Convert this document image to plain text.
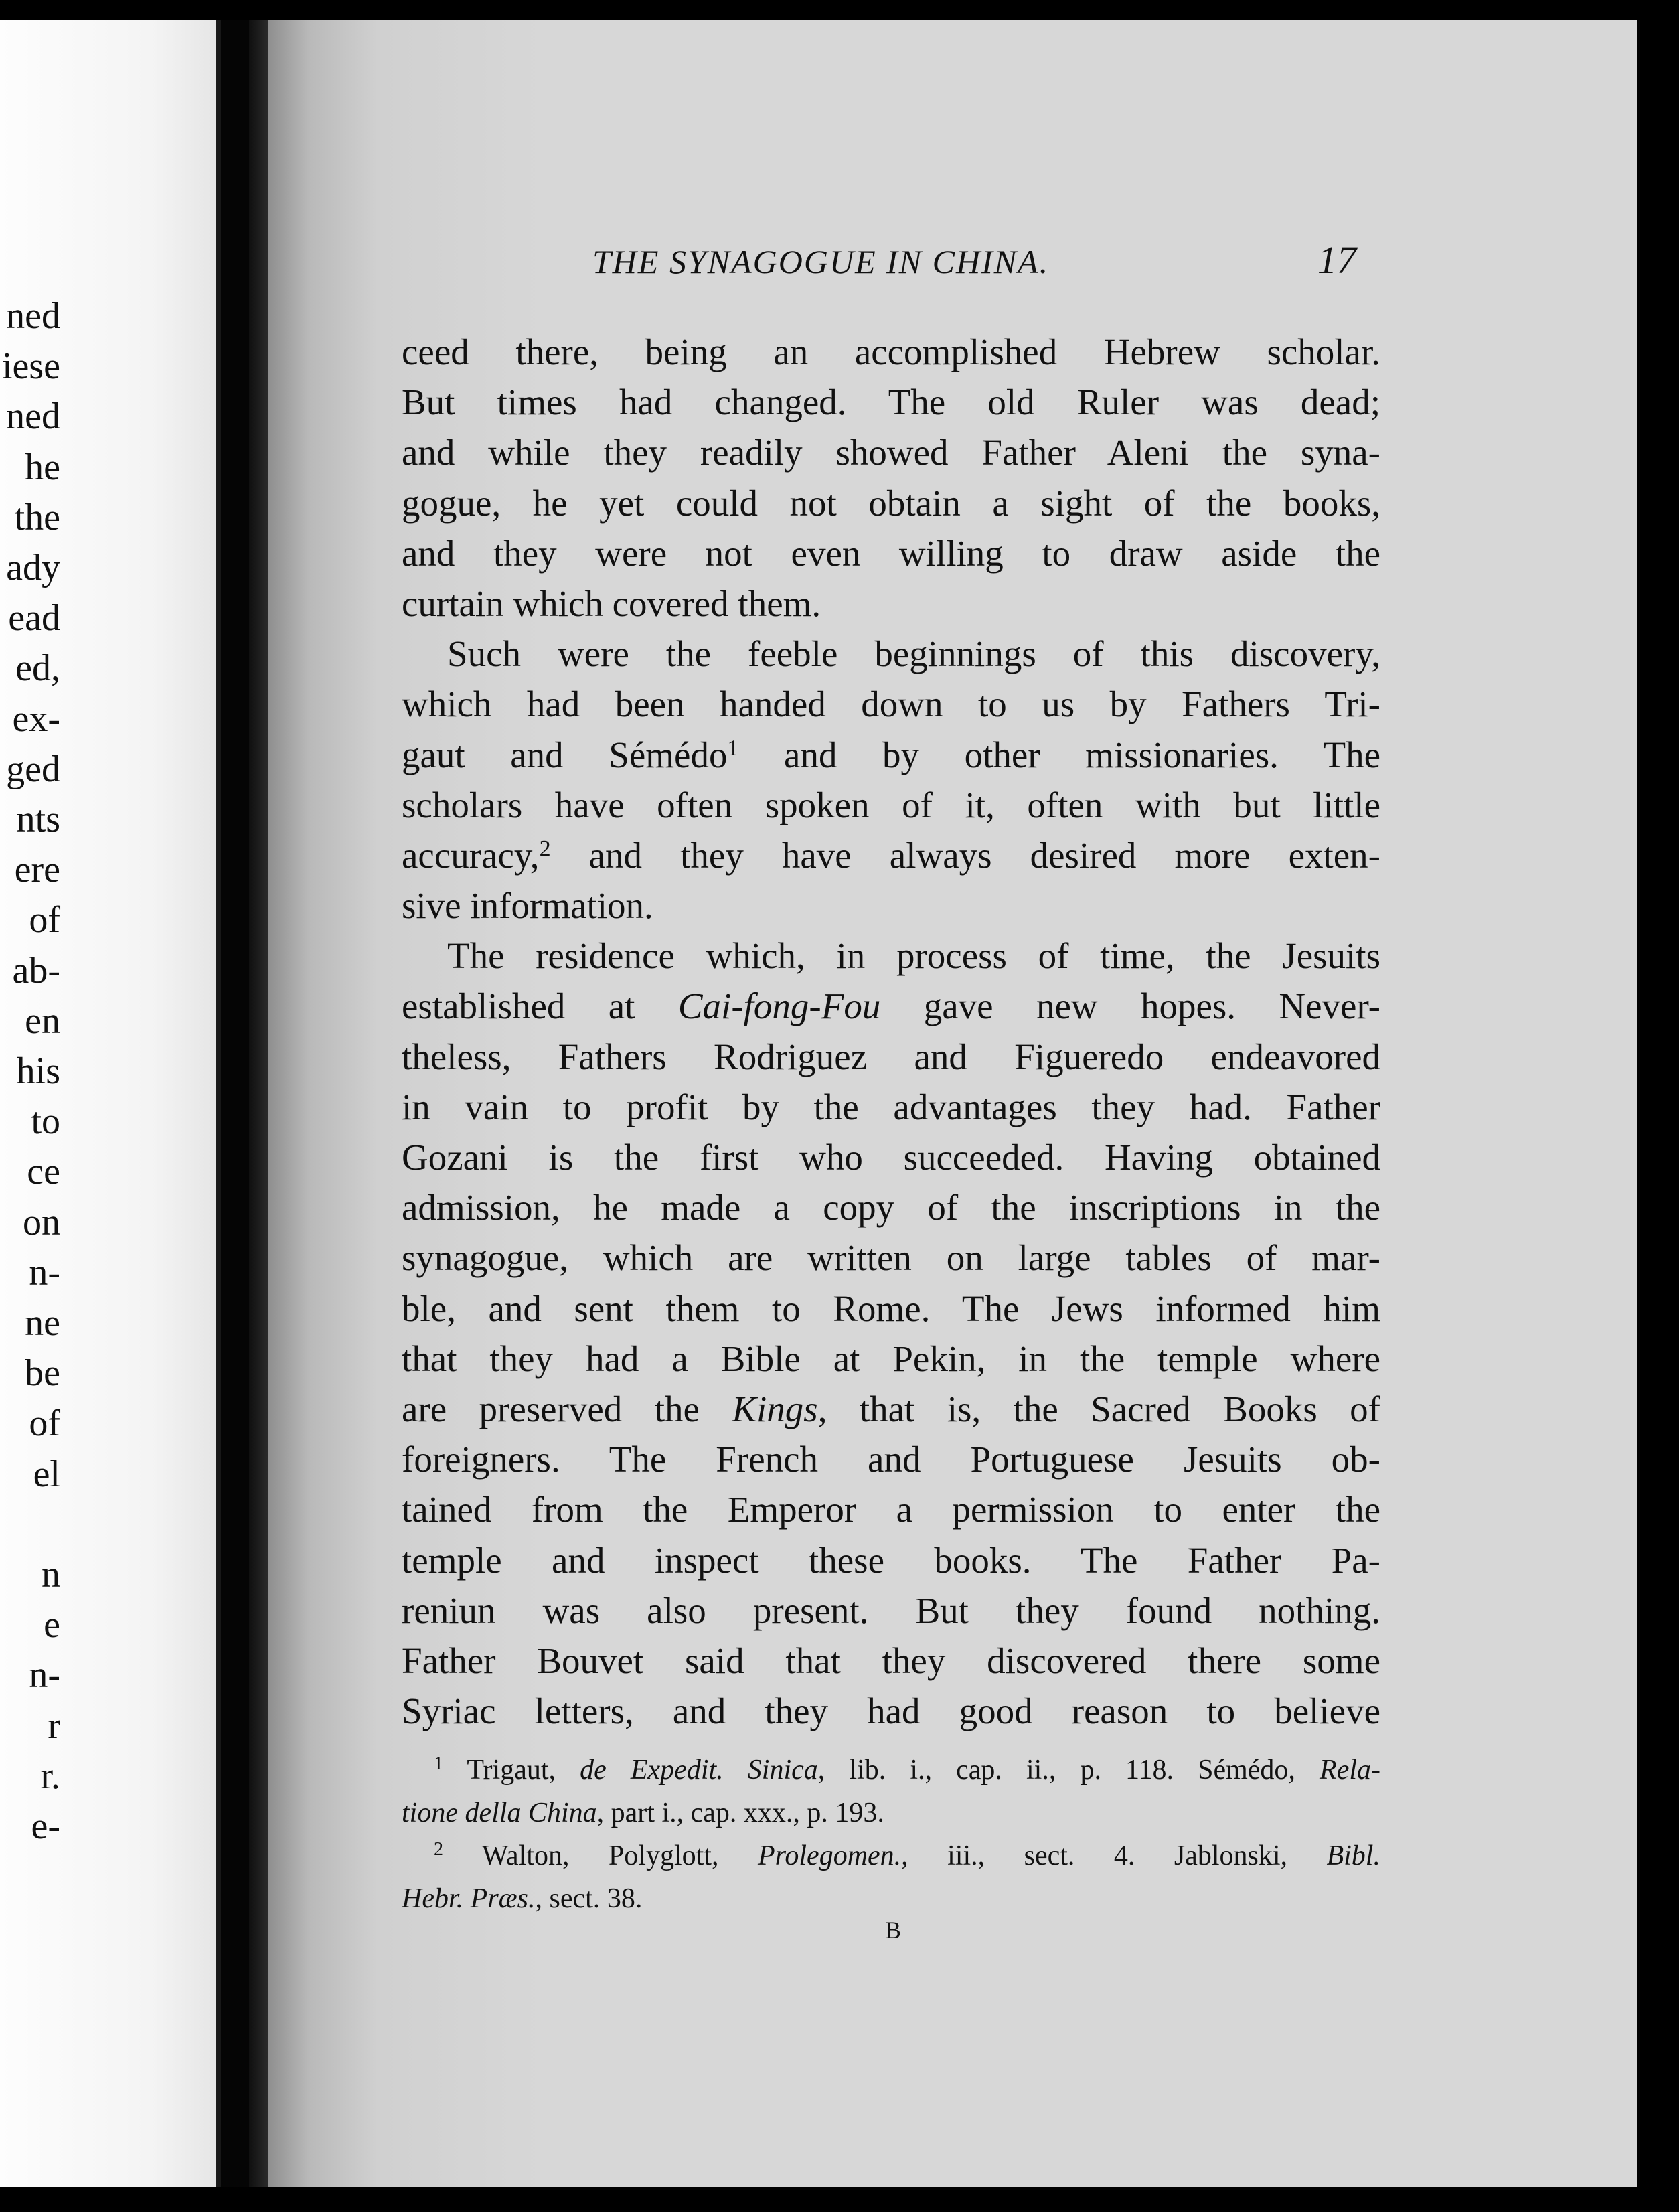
ned
iese
ned
he
the
ady
ead
ed,
ex-
ged
nts
ere
of
ab-
en
his
to
ce
on
n-
ne
be
of
el
n
e
n-
r
r.
e-
THE SYNAGOGUE IN CHINA.	17
ceed there, being an accomplished Hebrew scholar.
But times had changed. The old Ruler was dead;
and while they readily showed Father Aleni the syna-
gogue, he yet could not obtain a sight of the books,
and they were not even willing to draw aside the
curtain which covered them.
Such were the feeble beginnings of this discovery,
which had been handed down to us by Fathers Tri-
gaut and Sémédo$^1$ and by other missionaries. The
scholars have often spoken of it, often with but little
accuracy,$^2$ and they have always desired more exten-
sive information.
The residence which, in process of time, the Jesuits
established at Cai-fong-Fou gave new hopes. Never-
theless, Fathers Rodriguez and Figueredo endeavored
in vain to profit by the advantages they had. Father
Gozani is the first who succeeded. Having obtained
admission, he made a copy of the inscriptions in the
synagogue, which are written on large tables of mar-
ble, and sent them to Rome. The Jews informed him
that they had a Bible at Pekin, in the temple where
are preserved the Kings, that is, the Sacred Books of
foreigners. The French and Portuguese Jesuits ob-
tained from the Emperor a permission to enter the
temple and inspect these books. The Father Pa-
reniun was also present. But they found nothing.
Father Bouvet said that they discovered there some
Syriac letters, and they had good reason to believe
$^1$ Trigaut, de Expedit. Sinica, lib. i., cap. ii., p. 118. Sémédo, Rela-
tione della China, part i., cap. xxx., p. 193.
$^2$ Walton, Polyglott, Prolegomen., iii., sect. 4. Jablonski, Bibl.
Hebr. Præs., sect. 38.
B
